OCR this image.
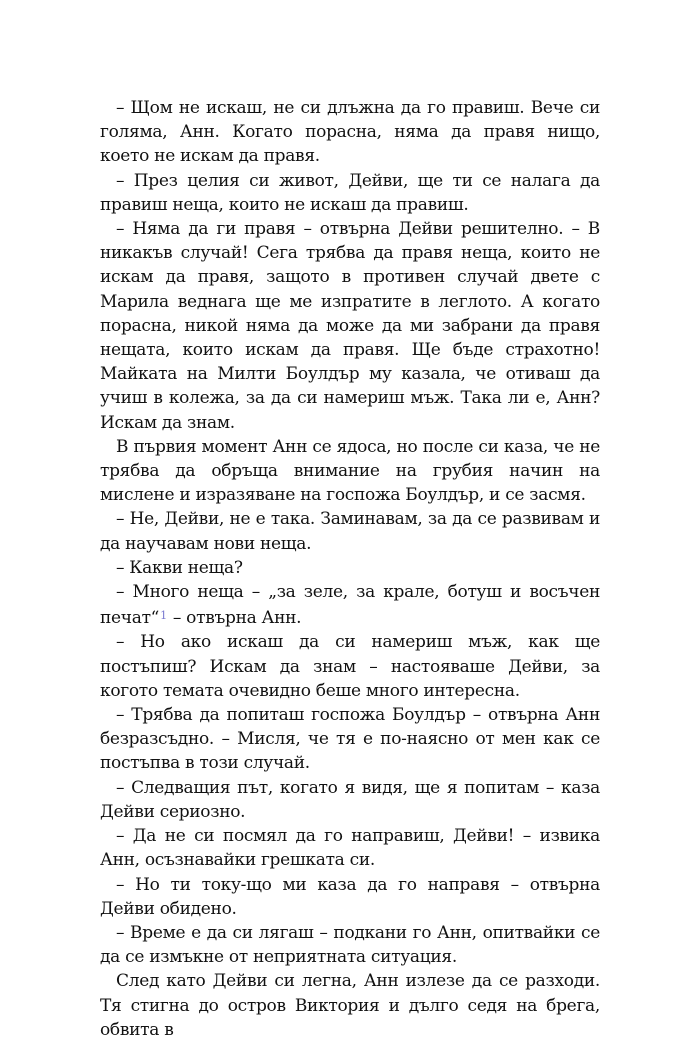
– Щом не искаш, не си длъжна да го правиш. Вече си голяма, Анн. Когато порасна, няма да правя нищо, което не искам да правя.

– През целия си живот, Дейви, ще ти се налага да правиш неща, които не искаш да правиш.

– Няма да ги правя – отвърна Дейви решително. – В никакъв случай! Сега трябва да правя неща, които не искам да правя, защото в противен случай двете с Марила веднага ще ме изпратите в леглото. А когато порасна, никой няма да може да ми забрани да правя нещата, които искам да правя. Ще бъде страхотно! Майката на Милти Боулдър му казала, че отиваш да учиш в колежа, за да си намериш мъж. Така ли е, Анн? Искам да знам.

В първия момент Анн се ядоса, но после си каза, че не трябва да обръща внимание на грубия начин на мислене и изразяване на госпожа Боулдър, и се засмя.

– Не, Дейви, не е така. Заминавам, за да се развивам и да научавам нови неща.

– Какви неща?

– Много неща – „за зеле, за крале, ботуш и восъчен печат“$^1$ – отвърна Анн.

– Но ако искаш да си намериш мъж, как ще постъпиш? Искам да знам – настояваше Дейви, за когото темата очевидно беше много интересна.

– Трябва да попиташ госпожа Боулдър – отвърна Анн безразсъдно. – Мисля, че тя е по-наясно от мен как се постъпва в този случай.

– Следващия път, когато я видя, ще я попитам – каза Дейви сериозно.

– Да не си посмял да го направиш, Дейви! – извика Анн, осъзнавайки грешката си.

– Но ти току-що ми каза да го направя – отвърна Дейви обидено.

– Време е да си лягаш – подкани го Анн, опитвайки се да се измъкне от неприятната ситуация.

След като Дейви си легна, Анн излезе да се разходи. Тя стигна до остров Виктория и дълго седя на брега, обвита в
